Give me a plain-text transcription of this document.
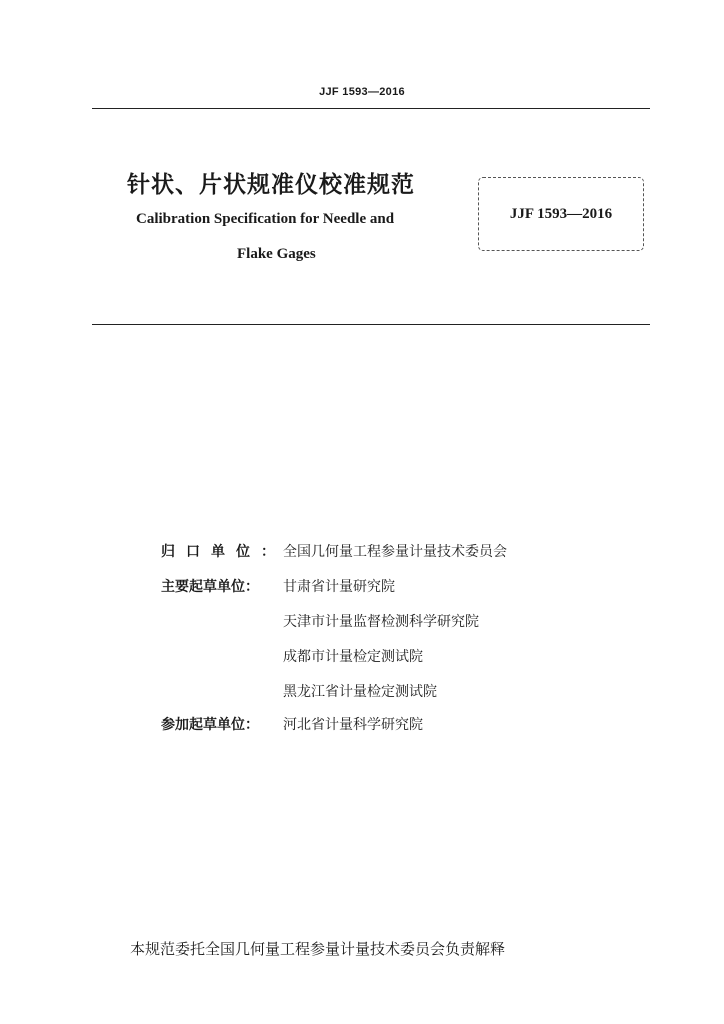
JJF 1593—2016
针状、片状规准仪校准规范
Calibration Specification for Needle and
Flake Gages
JJF 1593—2016
归口单位：
全国几何量工程参量计量技术委员会
主要起草单位：	甘肃省计量研究院
天津市计量监督检测科学研究院
成都市计量检定测试院
黑龙江省计量检定测试院
参加起草单位：	河北省计量科学研究院
本规范委托全国几何量工程参量计量技术委员会负责解释
